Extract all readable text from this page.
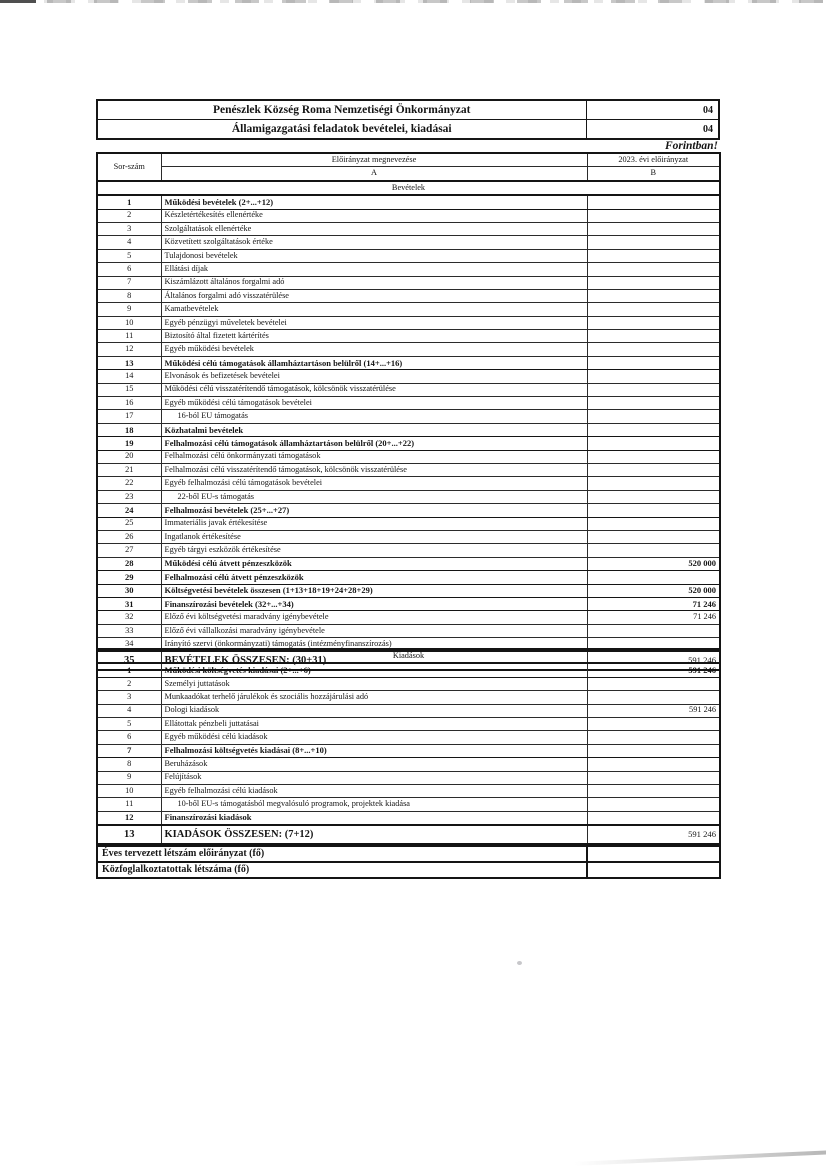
Penészlek Község Roma Nemzetiségi Önkormányzat	04
Államigazgatási feladatok bevételei, kiadásai	04
Forintban!
Sor-szám	Előirányzat megnevezése	2023. évi előirányzat
	A	B
Bevételek		
1	Működési bevételek (2+...+12)	
2	Készletértékesítés ellenértéke	
3	Szolgáltatások ellenértéke	
4	Közvetített szolgáltatások értéke	
5	Tulajdonosi bevételek	
6	Ellátási díjak	
7	Kiszámlázott általános forgalmi adó	
8	Általános forgalmi adó visszatérülése	
9	Kamatbevételek	
10	Egyéb pénzügyi műveletek bevételei	
11	Biztosító által fizetett kártérítés	
12	Egyéb működési bevételek	
13	Működési célú támogatások államháztartáson belülről (14+...+16)	
14	Elvonások és befizetések bevételei	
15	Működési célú visszatérítendő támogatások, kölcsönök visszatérülése	
16	Egyéb működési célú támogatások bevételei	
17	16-ból EU támogatás	
18	Közhatalmi bevételek	
19	Felhalmozási célú támogatások államháztartáson belülről (20+...+22)	
20	Felhalmozási célú önkormányzati támogatások	
21	Felhalmozási célú visszatérítendő támogatások, kölcsönök visszatérülése	
22	Egyéb felhalmozási célú támogatások bevételei	
23	22-ből EU-s támogatás	
24	Felhalmozási bevételek (25+...+27)	
25	Immateriális javak értékesítése	
26	Ingatlanok értékesítése	
27	Egyéb tárgyi eszközök értékesítése	
28	Működési célú átvett pénzeszközök	520 000
29	Felhalmozási célú átvett pénzeszközök	
30	Költségvetési bevételek összesen (1+13+18+19+24+28+29)	520 000
31	Finanszírozási bevételek (32+...+34)	71 246
32	Előző évi költségvetési maradvány igénybevétele	71 246
33	Előző évi vállalkozási maradvány igénybevétele	
34	Irányító szervi (önkormányzati) támogatás (intézményfinanszírozás)	
35	BEVÉTELEK ÖSSZESEN: (30+31)	591 246
Kiadások		
1	Működési költségvetés kiadásai (2+...+6)	591 246
2	Személyi juttatások	
3	Munkaadókat terhelő járulékok és szociális hozzájárulási adó	
4	Dologi kiadások	591 246
5	Ellátottak pénzbeli juttatásai	
6	Egyéb működési célú kiadások	
7	Felhalmozási költségvetés kiadásai (8+...+10)	
8	Beruházások	
9	Felújítások	
10	Egyéb felhalmozási célú kiadások	
11	10-ből EU-s támogatásból megvalósuló programok, projektek kiadása	
12	Finanszírozási kiadások	
13	KIADÁSOK ÖSSZESEN: (7+12)	591 246
Éves tervezett létszám előirányzat (fő)	
Közfoglalkoztatottak létszáma (fő)	
